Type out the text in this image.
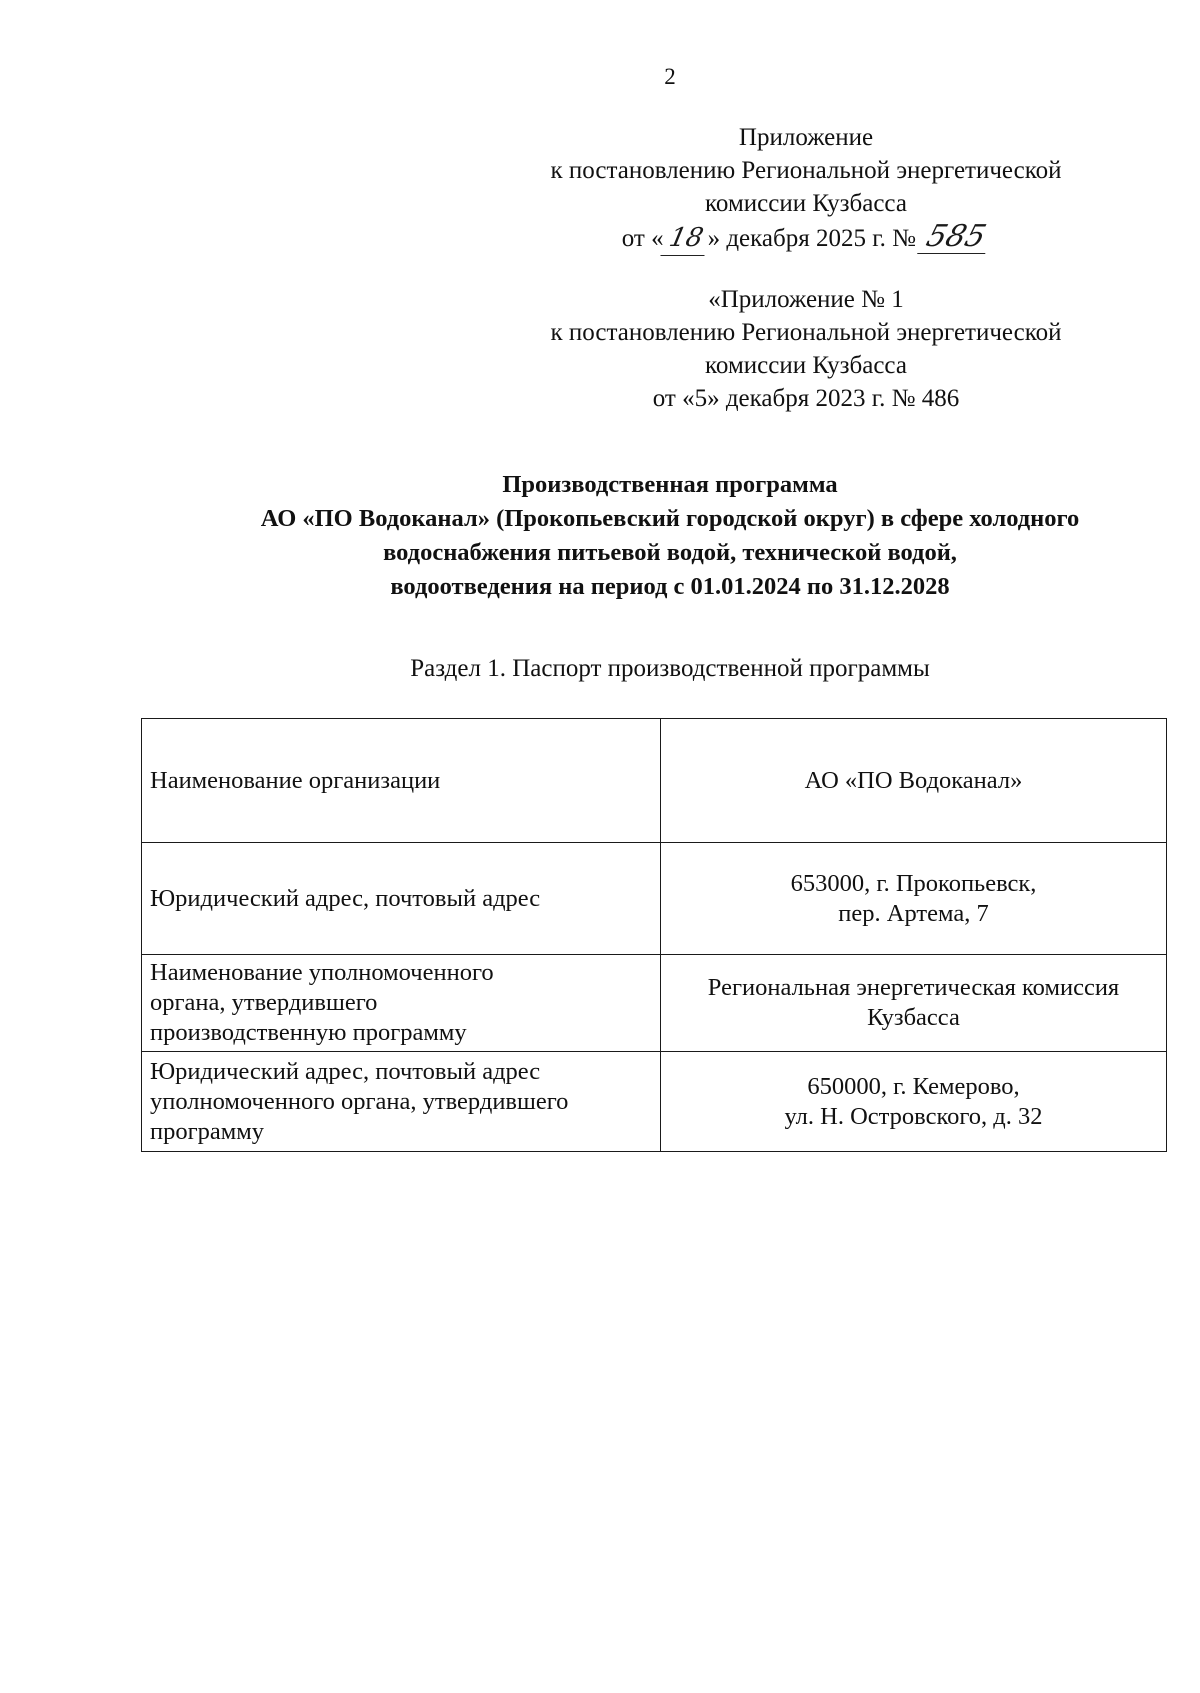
2
Приложение
к постановлению Региональной энергетической
комиссии Кузбасса
от «18» декабря 2025 г. № 585
«Приложение № 1
к постановлению Региональной энергетической
комиссии Кузбасса
от «5» декабря 2023 г. № 486
Производственная программа
АО «ПО Водоканал» (Прокопьевский городской округ) в сфере холодного
водоснабжения питьевой водой, технической водой,
водоотведения на период с 01.01.2024 по 31.12.2028
Раздел 1. Паспорт производственной программы
Наименование организации	АО «ПО Водоканал»

Юридический адрес, почтовый адрес	653000, г. Прокопьевск,
пер. Артема, 7

Наименование уполномоченного
органа, утвердившего
производственную программу	Региональная энергетическая комиссия
Кузбасса

Юридический адрес, почтовый адрес
уполномоченного органа, утвердившего
программу	650000, г. Кемерово,
ул. Н. Островского, д. 32
